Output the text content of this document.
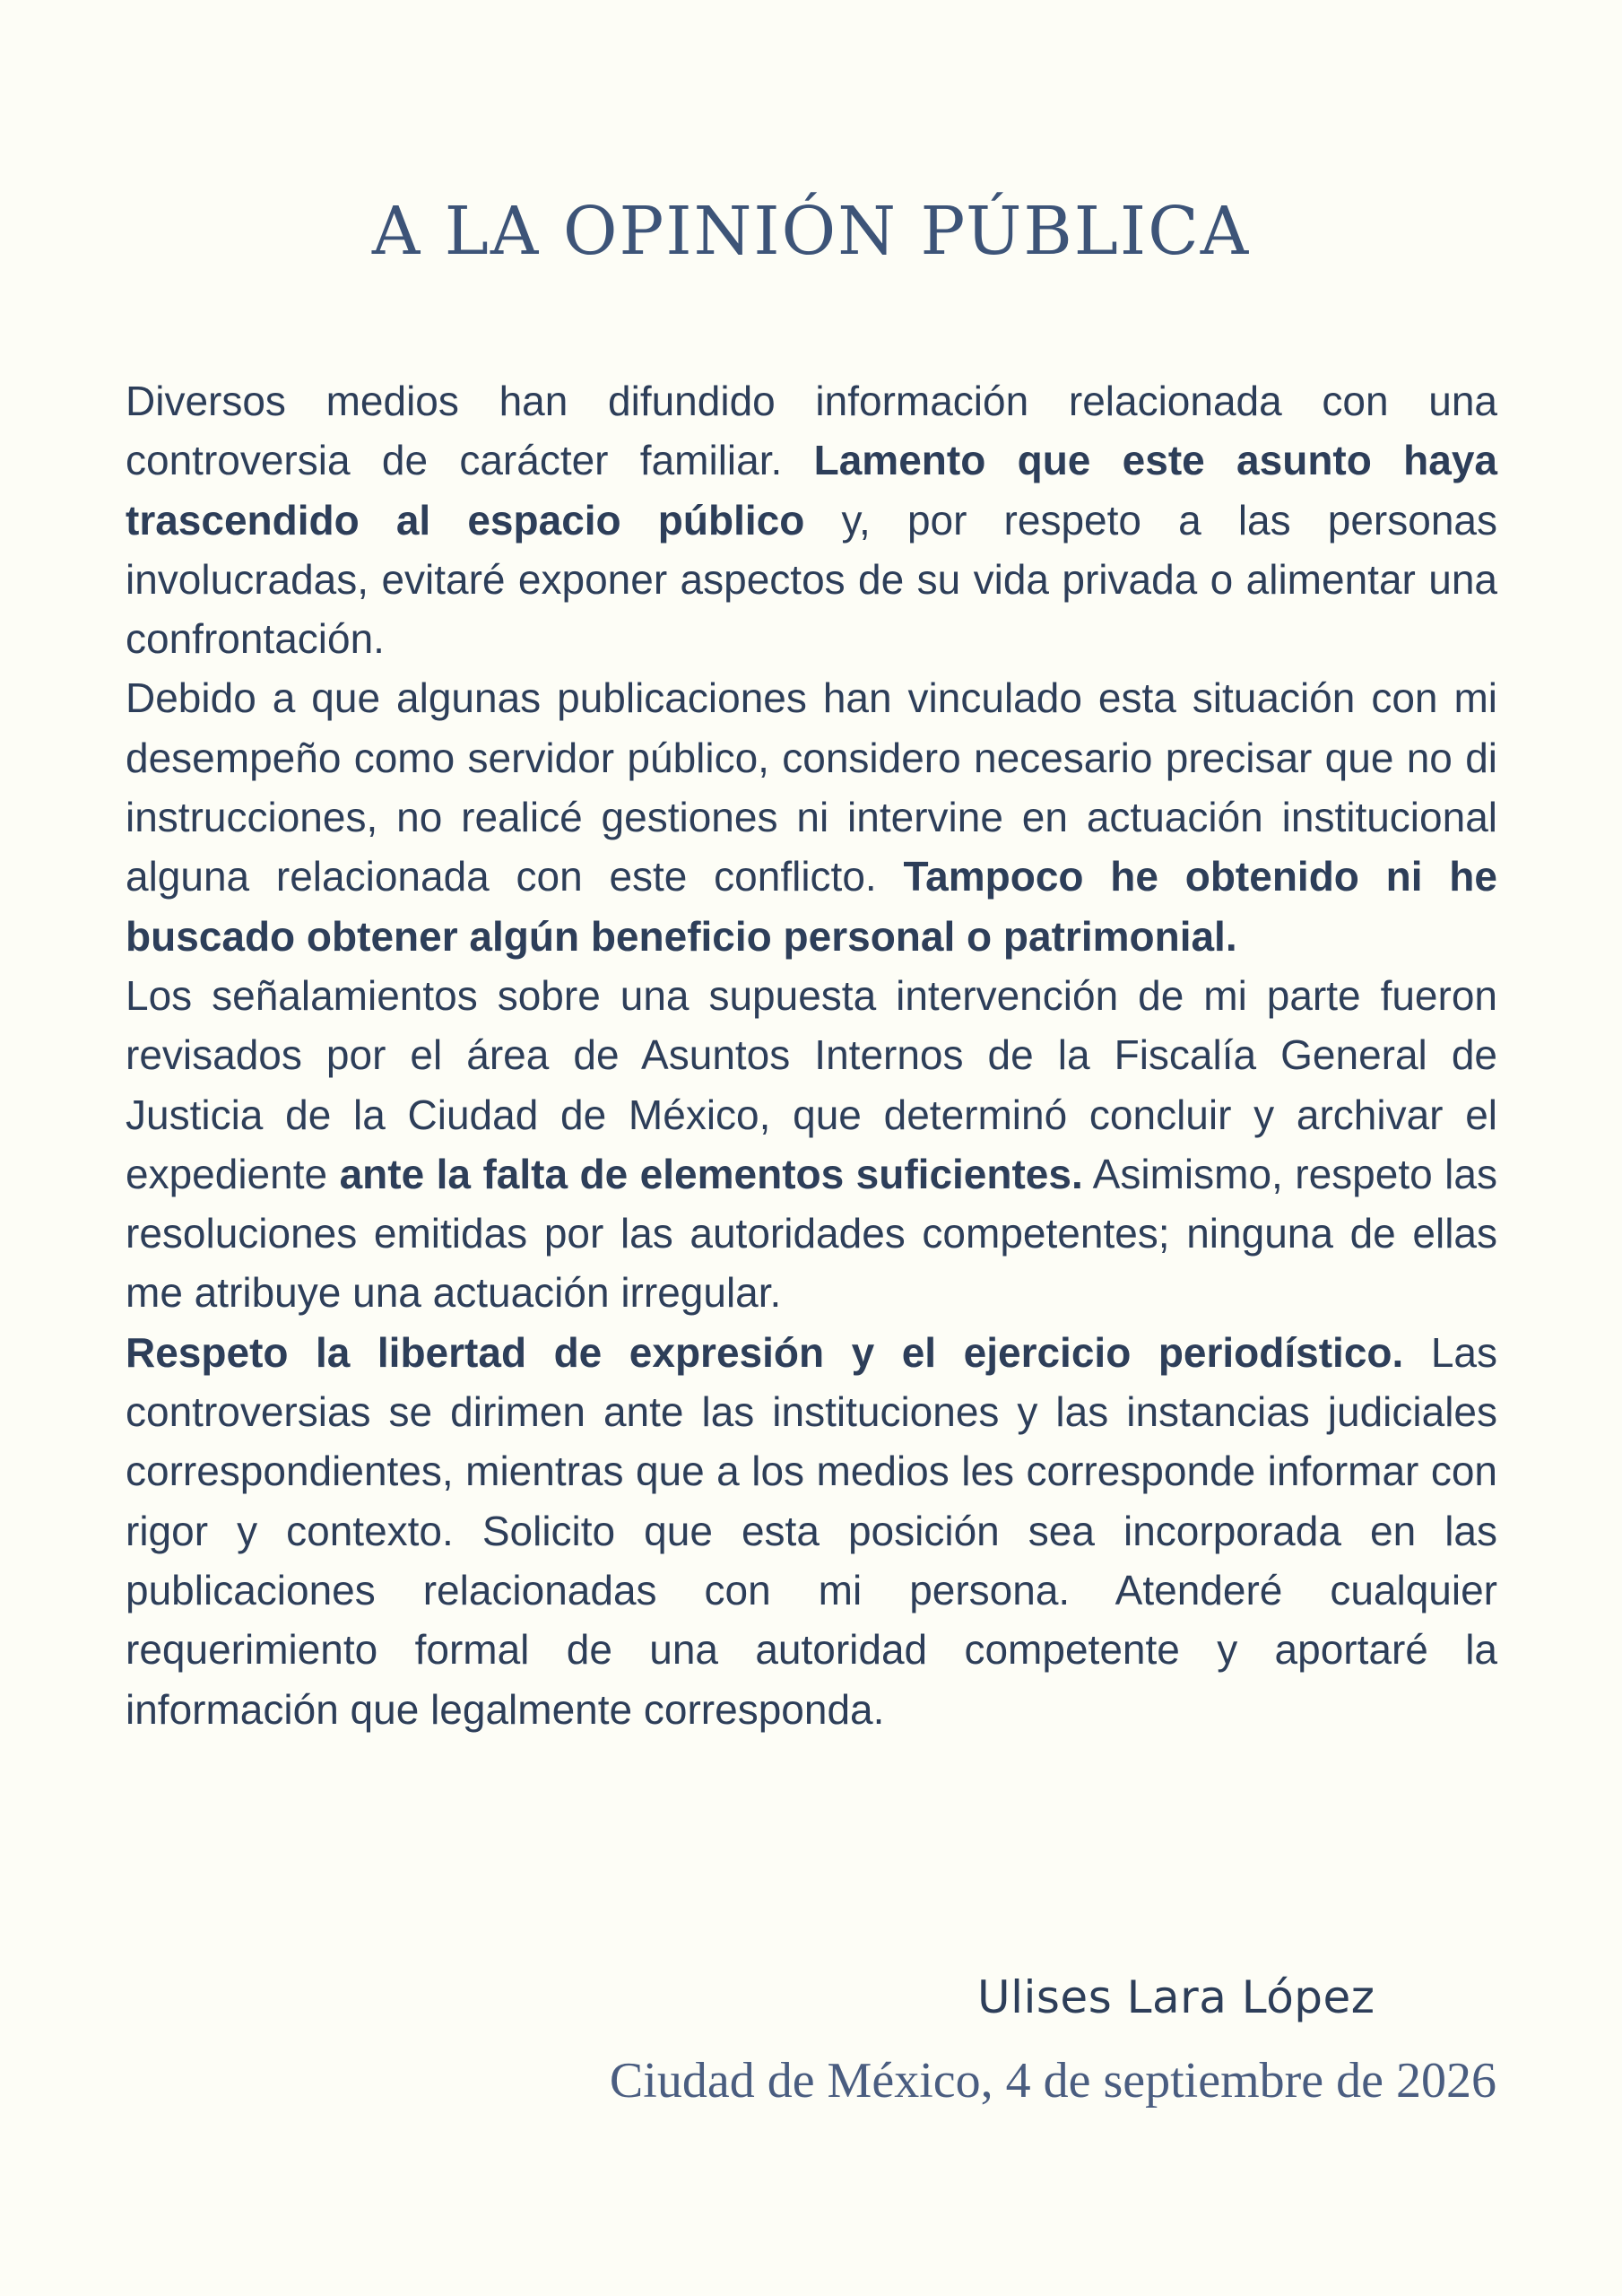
A LA OPINIÓN PÚBLICA

Diversos medios han difundido información relacionada con una controversia de carácter familiar. Lamento que este asunto haya trascendido al espacio público y, por respeto a las personas involucradas, evitaré exponer aspectos de su vida privada o alimentar una confrontación.

Debido a que algunas publicaciones han vinculado esta situación con mi desempeño como servidor público, considero necesario precisar que no di instrucciones, no realicé gestiones ni intervine en actuación institucional alguna relacionada con este conflicto. Tampoco he obtenido ni he buscado obtener algún beneficio personal o patrimonial.

Los señalamientos sobre una supuesta intervención de mi parte fueron revisados por el área de Asuntos Internos de la Fiscalía General de Justicia de la Ciudad de México, que determinó concluir y archivar el expediente ante la falta de elementos suficientes. Asimismo, respeto las resoluciones emitidas por las autoridades competentes; ninguna de ellas me atribuye una actuación irregular.

Respeto la libertad de expresión y el ejercicio periodístico. Las controversias se dirimen ante las instituciones y las instancias judiciales correspondientes, mientras que a los medios les corresponde informar con rigor y contexto. Solicito que esta posición sea incorporada en las publicaciones relacionadas con mi persona. Atenderé cualquier requerimiento formal de una autoridad competente y aportaré la información que legalmente corresponda.

Ulises Lara López
Ciudad de México, 4 de septiembre de 2026
